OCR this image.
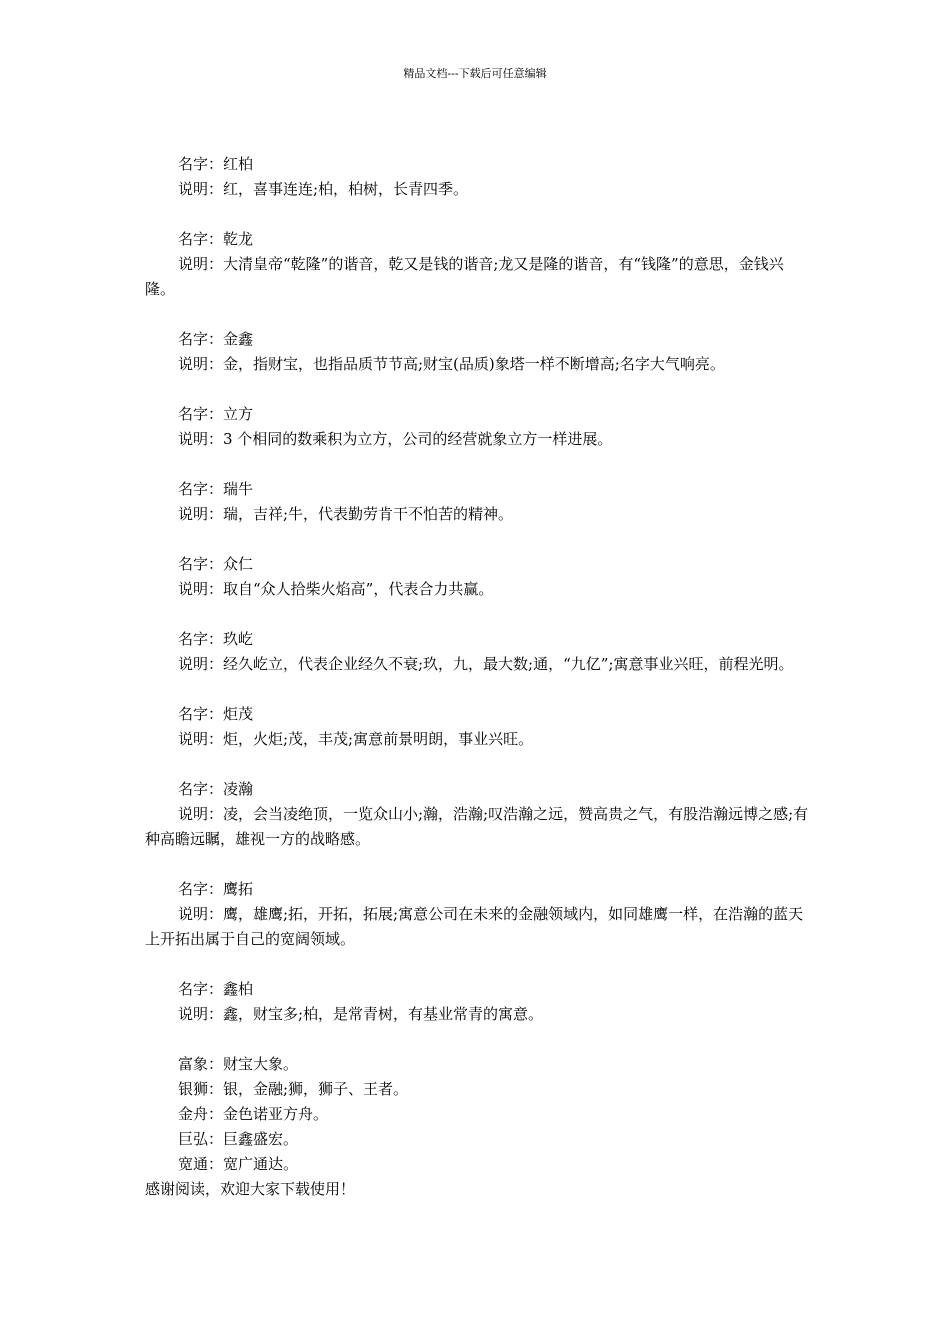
精品文档---下载后可任意编辑

名字：红柏

说明：红，喜事连连;柏，柏树，长青四季。

名字：乾龙

说明：大清皇帝“乾隆”的谐音，乾又是钱的谐音;龙又是隆的谐音，有“钱隆”的意思，金钱兴隆。

名字：金鑫

说明：金，指财宝，也指品质节节高;财宝(品质)象塔一样不断增高;名字大气响亮。

名字：立方

说明：3 个相同的数乘积为立方，公司的经营就象立方一样进展。

名字：瑞牛

说明：瑞，吉祥;牛，代表勤劳肯干不怕苦的精神。

名字：众仁

说明：取自“众人拾柴火焰高”，代表合力共赢。

名字：玖屹

说明：经久屹立，代表企业经久不衰;玖，九，最大数;通，“九亿”;寓意事业兴旺，前程光明。

名字：炬茂

说明：炬，火炬;茂，丰茂;寓意前景明朗，事业兴旺。

名字：凌瀚

说明：凌，会当凌绝顶，一览众山小;瀚，浩瀚;叹浩瀚之远，赞高贵之气，有股浩瀚远博之感;有种高瞻远瞩，雄视一方的战略感。

名字：鹰拓

说明：鹰，雄鹰;拓，开拓，拓展;寓意公司在未来的金融领域内，如同雄鹰一样，在浩瀚的蓝天上开拓出属于自己的宽阔领域。

名字：鑫柏

说明：鑫，财宝多;柏，是常青树，有基业常青的寓意。

富象：财宝大象。

银狮：银，金融;狮，狮子、王者。

金舟：金色诺亚方舟。

巨弘：巨鑫盛宏。

宽通：宽广通达。

感谢阅读，欢迎大家下载使用！
